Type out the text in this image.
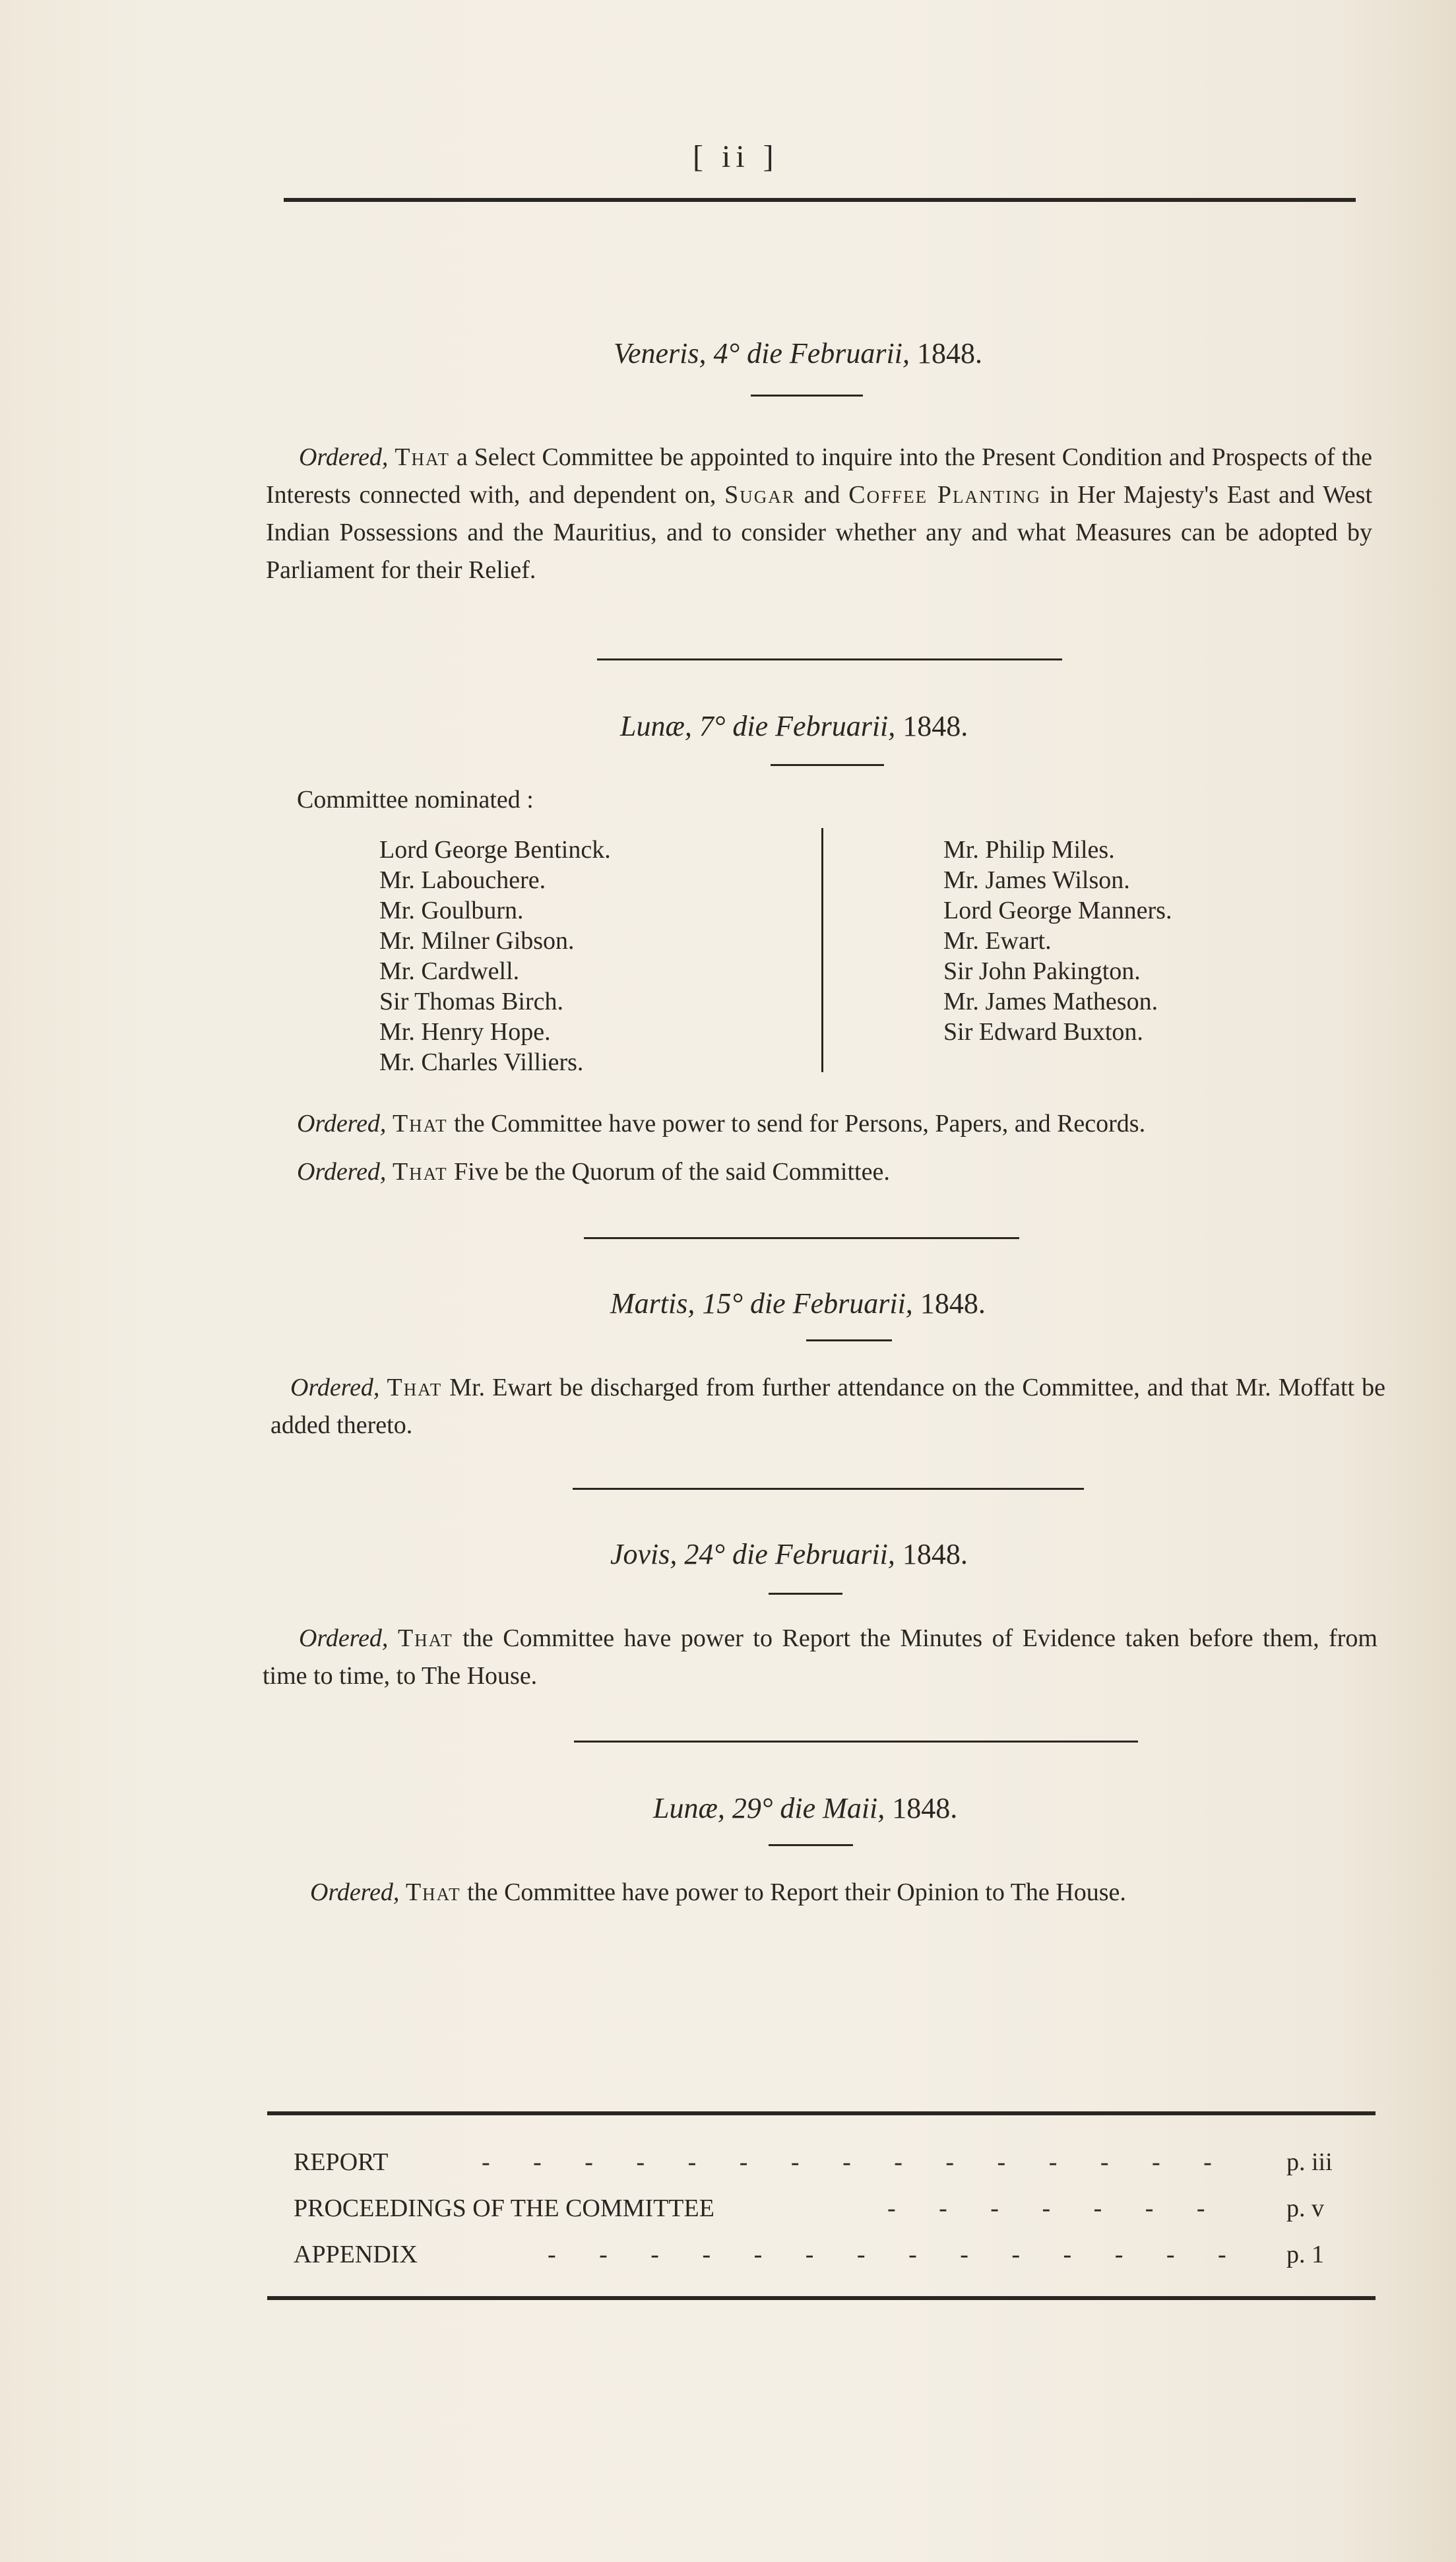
[ ii ]
Veneris, 4° die Februarii, 1848.
Ordered, That a Select Committee be appointed to inquire into the Present Condition and Prospects of the Interests connected with, and dependent on, Sugar and Coffee Planting in Her Majesty's East and West Indian Possessions and the Mauritius, and to consider whether any and what Measures can be adopted by Parliament for their Relief.
Lunæ, 7° die Februarii, 1848.
Committee nominated :
Lord George Bentinck.
Mr. Labouchere.
Mr. Goulburn.
Mr. Milner Gibson.
Mr. Cardwell.
Sir Thomas Birch.
Mr. Henry Hope.
Mr. Charles Villiers.
Mr. Philip Miles.
Mr. James Wilson.
Lord George Manners.
Mr. Ewart.
Sir John Pakington.
Mr. James Matheson.
Sir Edward Buxton.
Ordered, That the Committee have power to send for Persons, Papers, and Records.
Ordered, That Five be the Quorum of the said Committee.
Martis, 15° die Februarii, 1848.
Ordered, That Mr. Ewart be discharged from further attendance on the Committee, and that Mr. Moffatt be added thereto.
Jovis, 24° die Februarii, 1848.
Ordered, That the Committee have power to Report the Minutes of Evidence taken before them, from time to time, to The House.
Lunæ, 29° die Maii, 1848.
Ordered, That the Committee have power to Report their Opinion to The House.
REPORT	- - - - - - - - - - - - - - - p. iii
PROCEEDINGS OF THE COMMITTEE	- - - - - - -	p. v
APPENDIX	- - - - - - - - - - - - - - p. 1
